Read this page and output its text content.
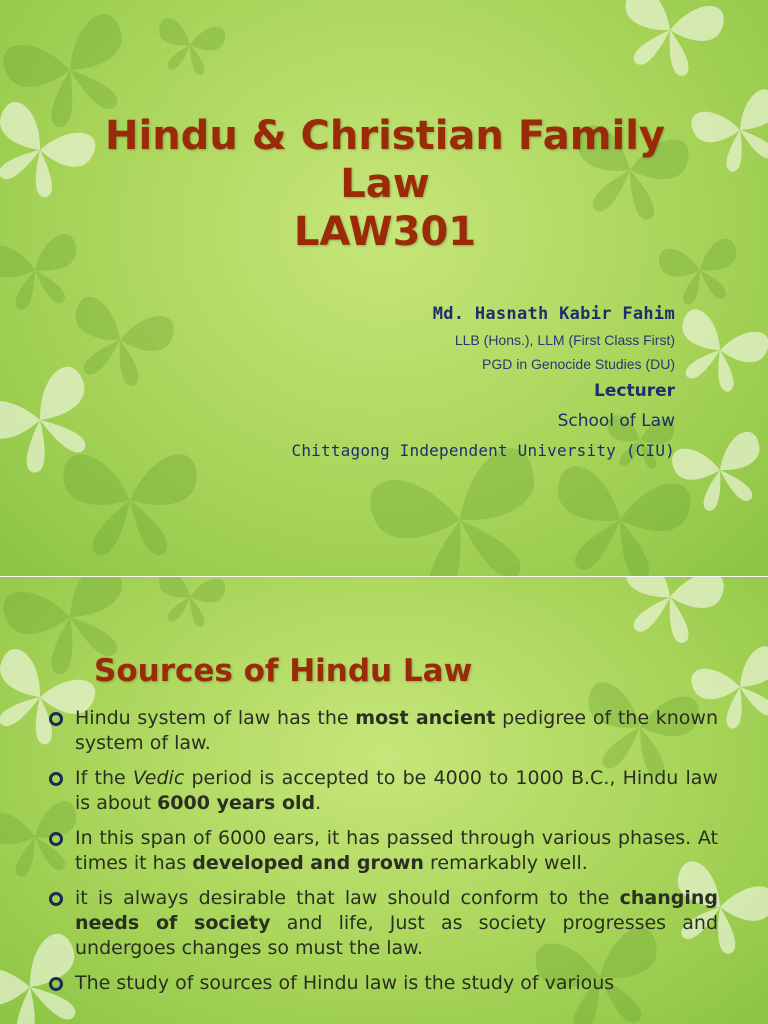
Hindu & Christian Family
Law
LAW301
Md. Hasnath Kabir Fahim
LLB (Hons.), LLM (First Class First)
PGD in Genocide Studies (DU)
Lecturer
School of Law
Chittagong Independent University (CIU)
Sources of Hindu Law
Hindu system of law has the most ancient pedigree of the known system of law.
If the Vedic period is accepted to be 4000 to 1000 B.C., Hindu law is about 6000 years old.
In this span of 6000 ears, it has passed through various phases. At times it has developed and grown remarkably well.
it is always desirable that law should conform to the changing needs of society and life, Just as society progresses and undergoes changes so must the law.
The study of sources of Hindu law is the study of various
